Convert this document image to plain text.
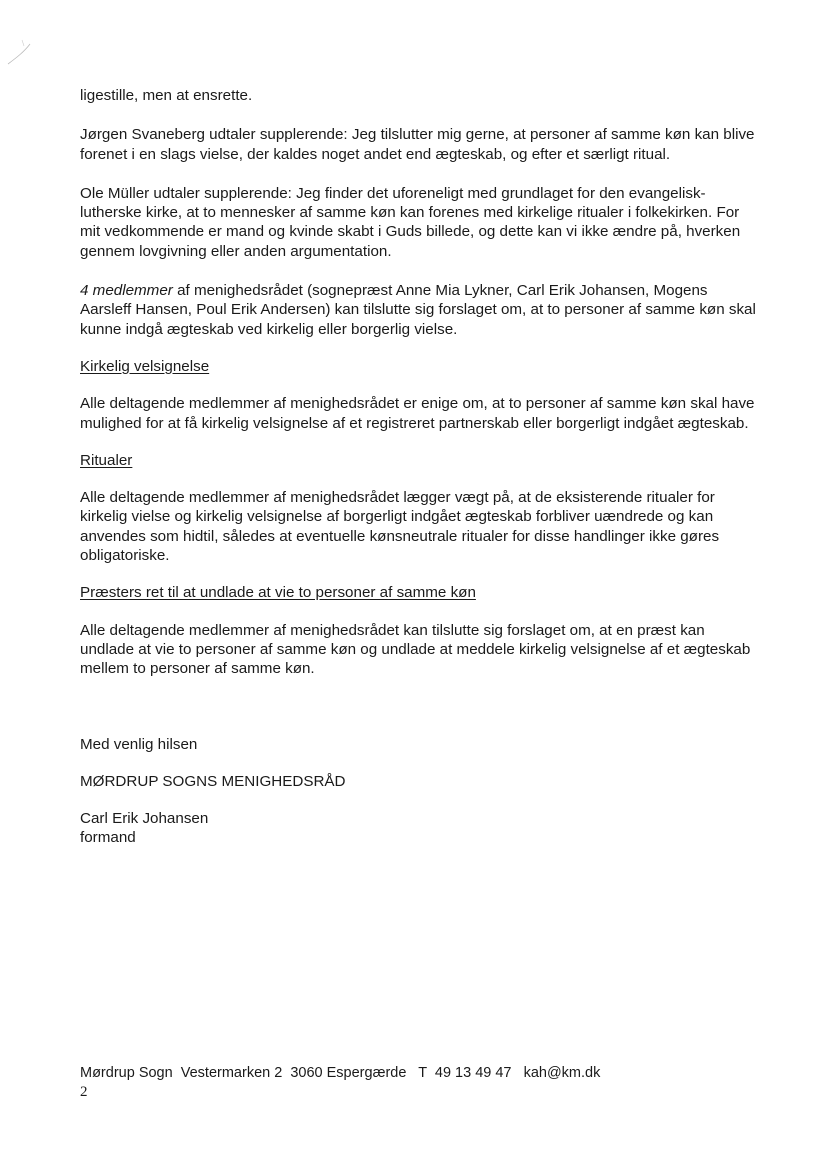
ligestille, men at ensrette.

Jørgen Svaneberg udtaler supplerende: Jeg tilslutter mig gerne, at personer af samme køn kan blive forenet i en slags vielse, der kaldes noget andet end ægteskab, og efter et særligt ritual.

Ole Müller udtaler supplerende: Jeg finder det uforeneligt med grundlaget for den evangelisk-lutherske kirke, at to mennesker af samme køn kan forenes med kirkelige ritualer i folkekirken. For mit vedkommende er mand og kvinde skabt i Guds billede, og dette kan vi ikke ændre på, hverken gennem lovgivning eller anden argumentation.

4 medlemmer af menighedsrådet (sognepræst Anne Mia Lykner, Carl Erik Johansen, Mogens Aarsleff Hansen, Poul Erik Andersen) kan tilslutte sig forslaget om, at to personer af samme køn skal kunne indgå ægteskab ved kirkelig eller borgerlig vielse.

Kirkelig velsignelse

Alle deltagende medlemmer af menighedsrådet er enige om, at to personer af samme køn skal have mulighed for at få kirkelig velsignelse af et registreret partnerskab eller borgerligt indgået ægteskab.

Ritualer

Alle deltagende medlemmer af menighedsrådet lægger vægt på, at de eksisterende ritualer for kirkelig vielse og kirkelig velsignelse af borgerligt indgået ægteskab forbliver uændrede og kan anvendes som hidtil, således at eventuelle kønsneutrale ritualer for disse handlinger ikke gøres obligatoriske.

Præsters ret til at undlade at vie to personer af samme køn

Alle deltagende medlemmer af menighedsrådet kan tilslutte sig forslaget om, at en præst kan undlade at vie to personer af samme køn og undlade at meddele kirkelig velsignelse af et ægteskab mellem to personer af samme køn.

Med venlig hilsen

MØRDRUP SOGNS MENIGHEDSRÅD

Carl Erik Johansen

formand

Mørdrup Sogn  Vestermarken 2  3060 Espergærde   T  49 13 49 47   kah@km.dk
2
